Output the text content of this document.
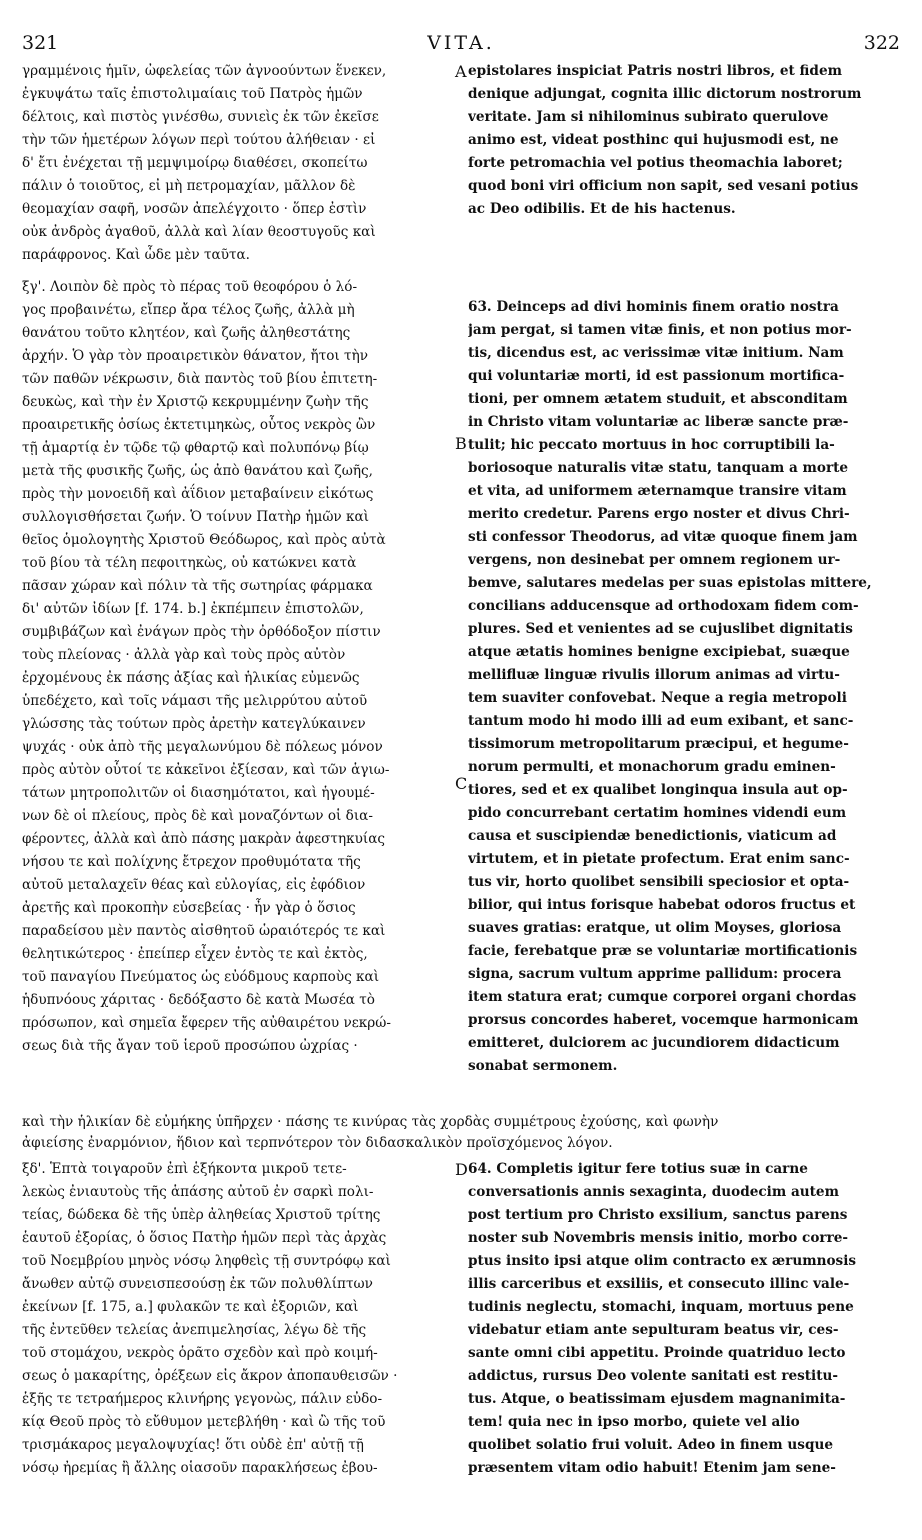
321	VITA.	322
γραμμένοις ἡμῖν, ὠφελείας τῶν ἀγνοούντων ἕνεκεν,
ἐγκυψάτω ταῖς ἐπιστολιμαίαις τοῦ Πατρὸς ἡμῶν
δέλτοις, καὶ πιστὸς γινέσθω, συνιεὶς ἐκ τῶν ἐκεῖσε
τὴν τῶν ἡμετέρων λόγων περὶ τούτου ἀλήθειαν · εἰ
δ' ἔτι ἐνέχεται τῇ μεμψιμοίρῳ διαθέσει, σκοπείτω
πάλιν ὁ τοιοῦτος, εἰ μὴ πετρομαχίαν, μᾶλλον δὲ
θεομαχίαν σαφῆ, νοσῶν ἀπελέγχοιτο · ὅπερ ἐστὶν
οὐκ ἀνδρὸς ἀγαθοῦ, ἀλλὰ καὶ λίαν θεοστυγοῦς καὶ
παράφρονος. Καὶ ὧδε μὲν ταῦτα.
epistolares inspiciat Patris nostri libros, et fidem
denique adjungat, cognita illic dictorum nostrorum
veritate. Jam si nihilominus subirato querulove
animo est, videat posthinc qui hujusmodi est, ne
forte petromachia vel potius theomachia laboret;
quod boni viri officium non sapit, sed vesani potius
ac Deo odibilis. Et de his hactenus.
ξγ'. Λοιπὸν δὲ πρὸς τὸ πέρας τοῦ θεοφόρου ὁ λό-
γος προβαινέτω, εἴπερ ἄρα τέλος ζωῆς, ἀλλὰ μὴ
θανάτου τοῦτο κλητέον, καὶ ζωῆς ἀληθεστάτης
ἀρχήν. Ὁ γὰρ τὸν προαιρετικὸν θάνατον, ἤτοι τὴν
τῶν παθῶν νέκρωσιν, διὰ παντὸς τοῦ βίου ἐπιτετη-
δευκὼς, καὶ τὴν ἐν Χριστῷ κεκρυμμένην ζωὴν τῆς
προαιρετικῆς ὁσίως ἐκτετιμηκὼς, οὗτος νεκρὸς ὢν
τῇ ἁμαρτίᾳ ἐν τῷδε τῷ φθαρτῷ καὶ πολυπόνῳ βίῳ
μετὰ τῆς φυσικῆς ζωῆς, ὡς ἀπὸ θανάτου καὶ ζωῆς,
πρὸς τὴν μονοειδῆ καὶ ἀΐδιον μεταβαίνειν εἰκότως
συλλογισθήσεται ζωήν. Ὁ τοίνυν Πατὴρ ἡμῶν καὶ
θεῖος ὁμολογητὴς Χριστοῦ Θεόδωρος, καὶ πρὸς αὐτὰ
τοῦ βίου τὰ τέλη πεφοιτηκὼς, οὐ κατώκνει κατὰ
πᾶσαν χώραν καὶ πόλιν τὰ τῆς σωτηρίας φάρμακα
δι' αὐτῶν ἰδίων [f. 174. b.] ἐκπέμπειν ἐπιστολῶν,
συμβιβάζων καὶ ἐνάγων πρὸς τὴν ὀρθόδοξον πίστιν
τοὺς πλείονας · ἀλλὰ γὰρ καὶ τοὺς πρὸς αὐτὸν
ἐρχομένους ἐκ πάσης ἀξίας καὶ ἡλικίας εὐμενῶς
ὑπεδέχετο, καὶ τοῖς νάμασι τῆς μελιρρύτου αὐτοῦ
γλώσσης τὰς τούτων πρὸς ἀρετὴν κατεγλύκαινεν
ψυχάς · οὐκ ἀπὸ τῆς μεγαλωνύμου δὲ πόλεως μόνον
πρὸς αὐτὸν οὗτοί τε κἀκεῖνοι ἐξίεσαν, καὶ τῶν ἁγιω-
τάτων μητροπολιτῶν οἱ διασημότατοι, καὶ ἡγουμέ-
νων δὲ οἱ πλείους, πρὸς δὲ καὶ μοναζόντων οἱ δια-
φέροντες, ἀλλὰ καὶ ἀπὸ πάσης μακρὰν ἀφεστηκυίας
νήσου τε καὶ πολίχνης ἔτρεχον προθυμότατα τῆς
αὐτοῦ μεταλαχεῖν θέας καὶ εὐλογίας, εἰς ἐφόδιον
ἀρετῆς καὶ προκοπὴν εὐσεβείας · ἦν γὰρ ὁ ὅσιος
παραδείσου μὲν παντὸς αἰσθητοῦ ὡραιότερός τε καὶ
θελητικώτερος · ἐπείπερ εἶχεν ἐντὸς τε καὶ ἐκτὸς,
τοῦ παναγίου Πνεύματος ὡς εὐόδμους καρποὺς καὶ
ἡδυπνόους χάριτας · δεδόξαστο δὲ κατὰ Μωσέα τὸ
πρόσωπον, καὶ σημεῖα ἔφερεν τῆς αὐθαιρέτου νεκρώ-
σεως διὰ τῆς ἄγαν τοῦ ἱεροῦ προσώπου ὠχρίας ·
63. Deinceps ad divi hominis finem oratio nostra
jam pergat, si tamen vitæ finis, et non potius mor-
tis, dicendus est, ac verissimæ vitæ initium. Nam
qui voluntariæ morti, id est passionum mortifica-
tioni, per omnem ætatem studuit, et absconditam
in Christo vitam voluntariæ ac liberæ sancte præ-
tulit; hic peccato mortuus in hoc corruptibili la-
boriosoque naturalis vitæ statu, tanquam a morte
et vita, ad uniformem æternamque transire vitam
merito credetur. Parens ergo noster et divus Chri-
sti confessor Theodorus, ad vitæ quoque finem jam
vergens, non desinebat per omnem regionem ur-
bemve, salutares medelas per suas epistolas mittere,
concilians adducensque ad orthodoxam fidem com-
plures. Sed et venientes ad se cujuslibet dignitatis
atque ætatis homines benigne excipiebat, suæque
mellifluæ linguæ rivulis illorum animas ad virtu-
tem suaviter confovebat. Neque a regia metropoli
tantum modo hi modo illi ad eum exibant, et sanc-
tissimorum metropolitarum præcipui, et hegume-
norum permulti, et monachorum gradu eminen-
tiores, sed et ex qualibet longinqua insula aut op-
pido concurrebant certatim homines videndi eum
causa et suscipiendæ benedictionis, viaticum ad
virtutem, et in pietate profectum. Erat enim sanc-
tus vir, horto quolibet sensibili speciosior et opta-
bilior, qui intus forisque habebat odoros fructus et
suaves gratias: eratque, ut olim Moyses, gloriosa
facie, ferebatque præ se voluntariæ mortificationis
signa, sacrum vultum apprime pallidum: procera
item statura erat; cumque corporei organi chordas
prorsus concordes haberet, vocemque harmonicam
emitteret, dulciorem ac jucundiorem didacticum
sonabat sermonem.
καὶ τὴν ἡλικίαν δὲ εὐμήκης ὑπῆρχεν · πάσης τε κινύρας τὰς χορδὰς συμμέτρους ἐχούσης, καὶ φωνὴν
ἀφιείσης ἐναρμόνιον, ἥδιον καὶ τερπνότερον τὸν διδασκαλικὸν προϊσχόμενος λόγον.
ξδ'. Ἑπτὰ τοιγαροῦν ἐπὶ ἑξήκοντα μικροῦ τετε-
λεκὼς ἐνιαυτοὺς τῆς ἁπάσης αὐτοῦ ἐν σαρκὶ πολι-
τείας, δώδεκα δὲ τῆς ὑπὲρ ἀληθείας Χριστοῦ τρίτης
ἑαυτοῦ ἐξορίας, ὁ ὅσιος Πατὴρ ἡμῶν περὶ τὰς ἀρχὰς
τοῦ Νοεμβρίου μηνὸς νόσῳ ληφθεὶς τῇ συντρόφῳ καὶ
ἄνωθεν αὐτῷ συνεισπεσούσῃ ἐκ τῶν πολυθλίπτων
ἐκείνων [f. 175, a.] φυλακῶν τε καὶ ἐξοριῶν, καὶ
τῆς ἐντεῦθεν τελείας ἀνεπιμελησίας, λέγω δὲ τῆς
τοῦ στομάχου, νεκρὸς ὁρᾶτο σχεδὸν καὶ πρὸ κοιμή-
σεως ὁ μακαρίτης, ὀρέξεων εἰς ἄκρον ἀποπαυθεισῶν ·
ἑξῆς τε τετραήμερος κλινήρης γεγονὼς, πάλιν εὐδο-
κίᾳ Θεοῦ πρὸς τὸ εὔθυμον μετεβλήθη · καὶ ὢ τῆς τοῦ
τρισμάκαρος μεγαλοψυχίας! ὅτι οὐδὲ ἐπ' αὐτῇ τῇ
νόσῳ ἠρεμίας ἢ ἄλλης οἱασοῦν παρακλήσεως ἐβου-
64. Completis igitur fere totius suæ in carne
conversationis annis sexaginta, duodecim autem
post tertium pro Christo exsilium, sanctus parens
noster sub Novembris mensis initio, morbo corre-
ptus insito ipsi atque olim contracto ex ærumnosis
illis carceribus et exsiliis, et consecuto illinc vale-
tudinis neglectu, stomachi, inquam, mortuus pene
videbatur etiam ante sepulturam beatus vir, ces-
sante omni cibi appetitu. Proinde quatriduo lecto
addictus, rursus Deo volente sanitati est restitu-
tus. Atque, o beatissimam ejusdem magnanimita-
tem! quia nec in ipso morbo, quiete vel alio
quolibet solatio frui voluit. Adeo in finem usque
præsentem vitam odio habuit! Etenim jam sene-
A
B
C
D
